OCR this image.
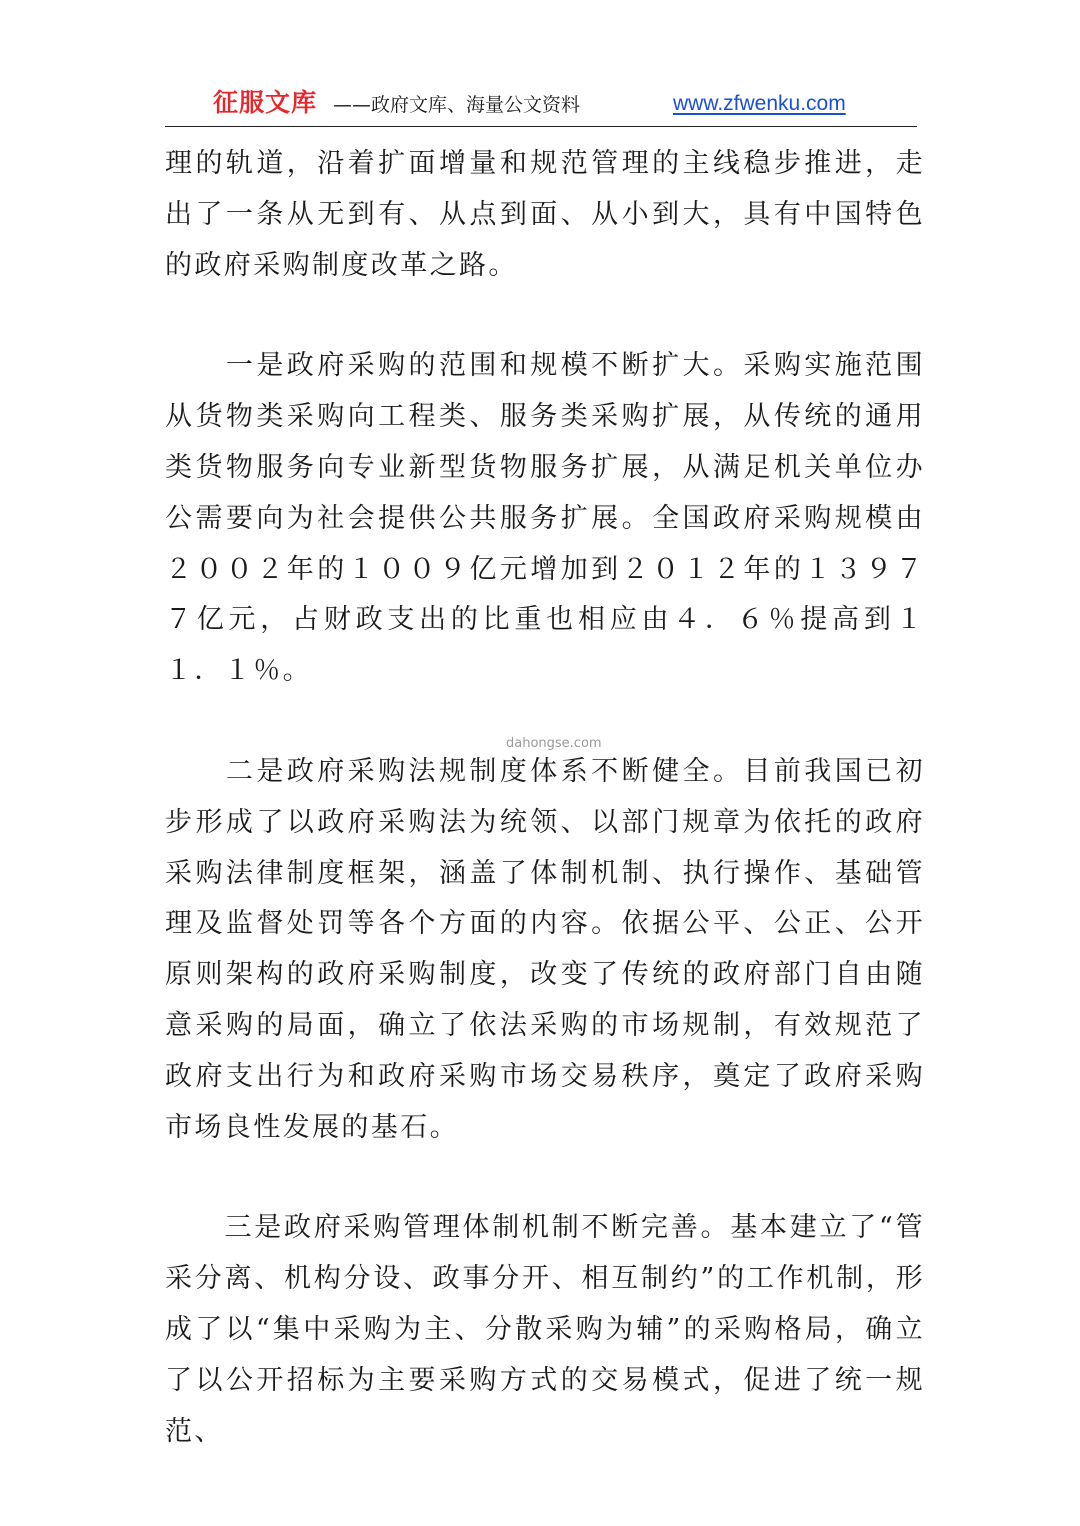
征服文库 ——政府文库、海量公文资料	www.zfwenku.com

理的轨道，沿着扩面增量和规范管理的主线稳步推进，走出了一条从无到有、从点到面、从小到大，具有中国特色的政府采购制度改革之路。

　　一是政府采购的范围和规模不断扩大。采购实施范围从货物类采购向工程类、服务类采购扩展，从传统的通用类货物服务向专业新型货物服务扩展，从满足机关单位办公需要向为社会提供公共服务扩展。全国政府采购规模由２００２年的１００９亿元增加到２０１２年的１３９７７亿元，占财政支出的比重也相应由４．６％提高到１１．１％。

　　二是政府采购法规制度体系不断健全。目前我国已初步形成了以政府采购法为统领、以部门规章为依托的政府采购法律制度框架，涵盖了体制机制、执行操作、基础管理及监督处罚等各个方面的内容。依据公平、公正、公开原则架构的政府采购制度，改变了传统的政府部门自由随意采购的局面，确立了依法采购的市场规制，有效规范了政府支出行为和政府采购市场交易秩序，奠定了政府采购市场良性发展的基石。

　　三是政府采购管理体制机制不断完善。基本建立了“管采分离、机构分设、政事分开、相互制约”的工作机制，形成了以“集中采购为主、分散采购为辅”的采购格局，确立了以公开招标为主要采购方式的交易模式，促进了统一规范、

dahongse.com
